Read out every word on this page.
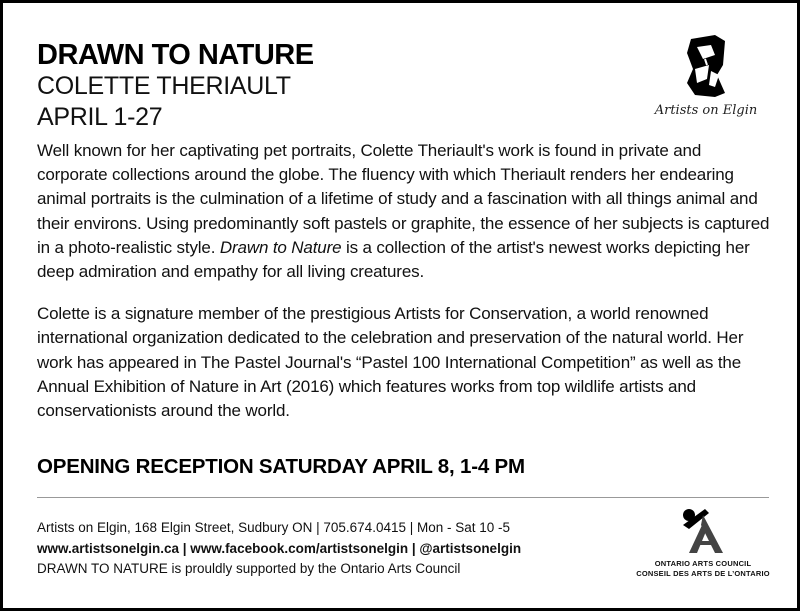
DRAWN TO NATURE
COLETTE THERIAULT
APRIL 1-27	Artists on Elgin

Well known for her captivating pet portraits, Colette Theriault's work is found in private and corporate collections around the globe. The fluency with which Theriault renders her endearing animal portraits is the culmination of a lifetime of study and a fascination with all things animal and their environs. Using predominantly soft pastels or graphite, the essence of her subjects is captured in a photo-realistic style. Drawn to Nature is a collection of the artist's newest works depicting her deep admiration and empathy for all living creatures.

Colette is a signature member of the prestigious Artists for Conservation, a world renowned international organization dedicated to the celebration and preservation of the natural world. Her work has appeared in The Pastel Journal's “Pastel 100 International Competition” as well as the Annual Exhibition of Nature in Art (2016) which features works from top wildlife artists and conservationists around the world.

OPENING RECEPTION SATURDAY APRIL 8, 1-4 PM
Artists on Elgin, 168 Elgin Street, Sudbury ON | 705.674.0415 | Mon - Sat 10 -5
www.artistsonelgin.ca | www.facebook.com/artistsonelgin | @artistsonelgin
DRAWN TO NATURE is prouldly supported by the Ontario Arts Council	ONTARIO ARTS COUNCIL
CONSEIL DES ARTS DE L’ONTARIO
